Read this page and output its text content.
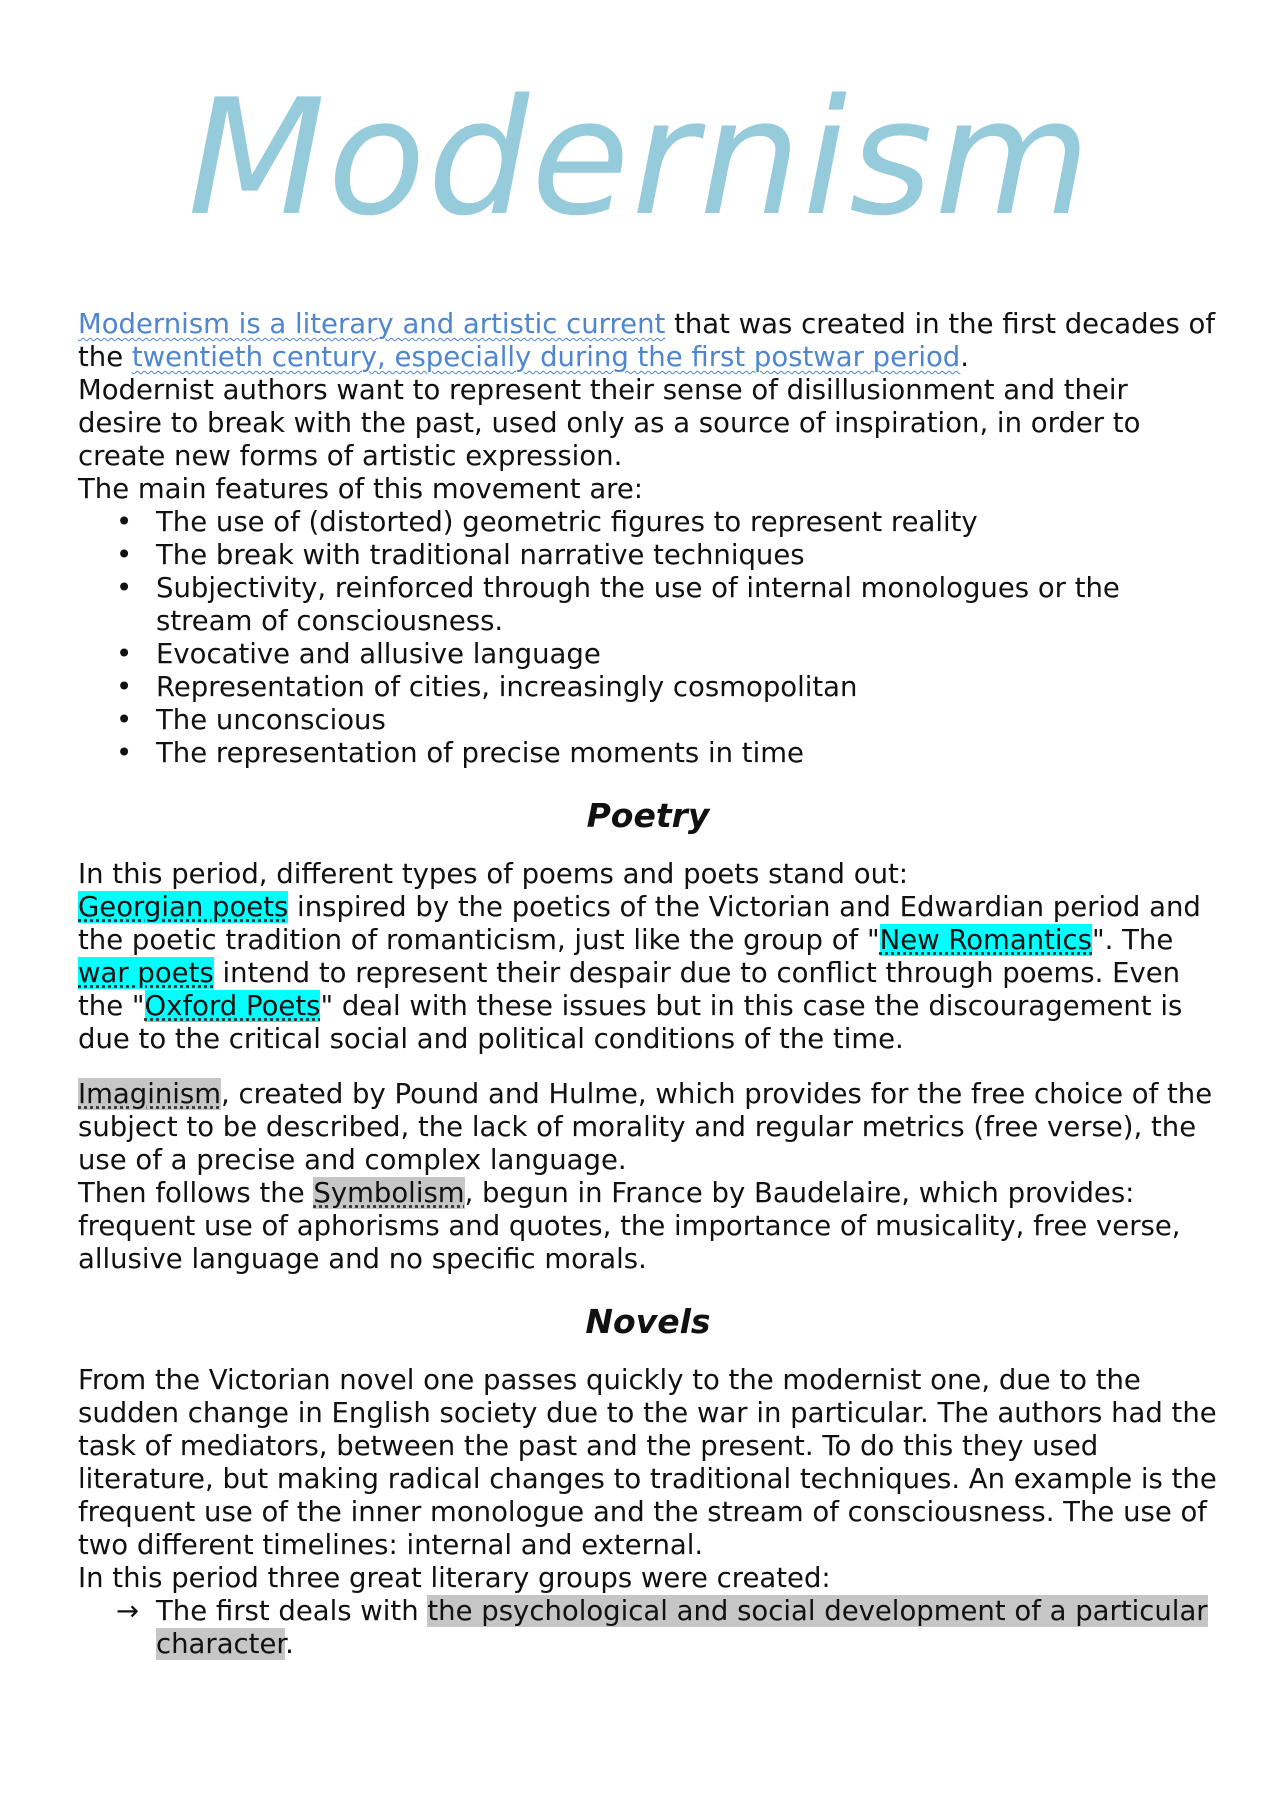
Modernism

Modernism is a literary and artistic current that was created in the first decades of the twentieth century, especially during the first postwar period.

Modernist authors want to represent their sense of disillusionment and their desire to break with the past, used only as a source of inspiration, in order to create new forms of artistic expression.

The main features of this movement are:

• The use of (distorted) geometric figures to represent reality
• The break with traditional narrative techniques
• Subjectivity, reinforced through the use of internal monologues or the stream of consciousness.
• Evocative and allusive language
• Representation of cities, increasingly cosmopolitan
• The unconscious
• The representation of precise moments in time
Poetry

In this period, different types of poems and poets stand out:

Georgian poets inspired by the poetics of the Victorian and Edwardian period and the poetic tradition of romanticism, just like the group of "New Romantics". The war poets intend to represent their despair due to conflict through poems. Even the "Oxford Poets" deal with these issues but in this case the discouragement is due to the critical social and political conditions of the time.

Imaginism, created by Pound and Hulme, which provides for the free choice of the subject to be described, the lack of morality and regular metrics (free verse), the use of a precise and complex language.

Then follows the Symbolism, begun in France by Baudelaire, which provides: frequent use of aphorisms and quotes, the importance of musicality, free verse, allusive language and no specific morals.

Novels

From the Victorian novel one passes quickly to the modernist one, due to the sudden change in English society due to the war in particular. The authors had the task of mediators, between the past and the present. To do this they used literature, but making radical changes to traditional techniques. An example is the frequent use of the inner monologue and the stream of consciousness. The use of two different timelines: internal and external.

In this period three great literary groups were created:

→ The first deals with the psychological and social development of a particular character.
